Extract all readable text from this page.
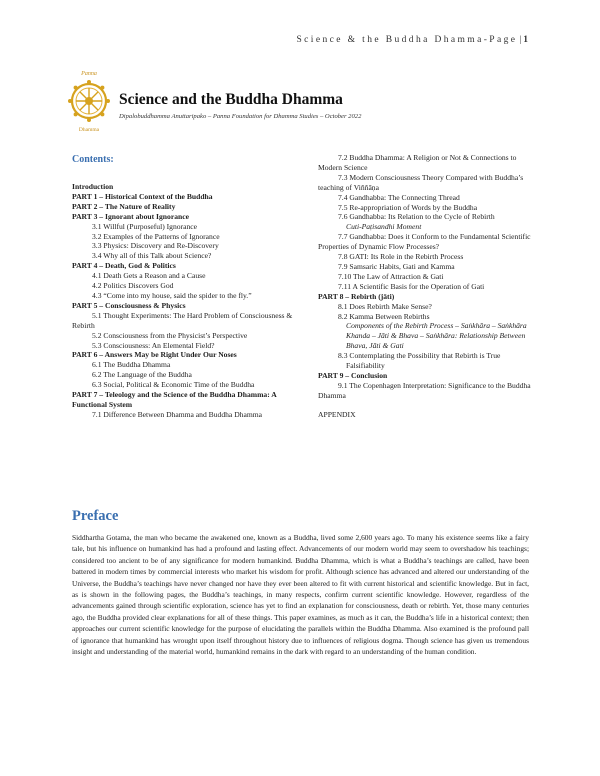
Science & the Buddha Dhamma-Page | 1
Panna
Dhamma
Science and the Buddha Dhamma
Dipalobuddhamma Anuttaripako – Panna Foundation for Dhamma Studies – October 2022
Contents:

Introduction

PART 1 – Historical Context of the Buddha

PART 2 – The Nature of Reality

PART 3 – Ignorant about Ignorance

3.1 Willful (Purposeful) Ignorance

3.2 Examples of the Patterns of Ignorance

3.3 Physics: Discovery and Re-Discovery

3.4 Why all of this Talk about Science?

PART 4 – Death, God & Politics

4.1 Death Gets a Reason and a Cause

4.2 Politics Discovers God

4.3 “Come into my house, said the spider to the fly.”

PART 5 – Consciousness & Physics

5.1 Thought Experiments: The Hard Problem of Consciousness & Rebirth

5.2 Consciousness from the Physicist’s Perspective

5.3 Consciousness: An Elemental Field?

PART 6 – Answers May be Right Under Our Noses

6.1 The Buddha Dhamma

6.2 The Language of the Buddha

6.3 Social, Political & Economic Time of the Buddha

PART 7 – Teleology and the Science of the Buddha Dhamma: A Functional System

7.1 Difference Between Dhamma and Buddha Dhamma

7.2 Buddha Dhamma: A Religion or Not & Connections to Modern Science

7.3 Modern Consciousness Theory Compared with Buddha’s teaching of Viññāṇa

7.4 Gandhabba: The Connecting Thread

7.5 Re-appropriation of Words by the Buddha

7.6 Gandhabba: Its Relation to the Cycle of Rebirth

Cuti-Paṭisandhi Moment

7.7 Gandhabba: Does it Conform to the Fundamental Scientific Properties of Dynamic Flow Processes?

7.8 GATI: Its Role in the Rebirth Process

7.9 Samsaric Habits, Gati and Kamma

7.10 The Law of Attraction & Gati

7.11 A Scientific Basis for the Operation of Gati

PART 8 – Rebirth (jāti)

8.1 Does Rebirth Make Sense?

8.2 Kamma Between Rebirths

Components of the Rebirth Process – Saṅkhāra – Saṅkhāra Khanda – Jāti & Bhava – Saṅkhāra: Relationship Between Bhava, Jāti & Gati

8.3 Contemplating the Possibility that Rebirth is True

Falsifiability

PART 9 – Conclusion

9.1 The Copenhagen Interpretation: Significance to the Buddha Dhamma

APPENDIX

Preface
Siddhartha Gotama, the man who became the awakened one, known as a Buddha, lived some 2,600 years ago. To many his existence seems like a fairy tale, but his influence on humankind has had a profound and lasting effect. Advancements of our modern world may seem to overshadow his teachings; considered too ancient to be of any significance for modern humankind. Buddha Dhamma, which is what a Buddha’s teachings are called, have been battered in modern times by commercial interests who market his wisdom for profit. Although science has advanced and altered our understanding of the Universe, the Buddha’s teachings have never changed nor have they ever been altered to fit with current historical and scientific knowledge. But in fact, as is shown in the following pages, the Buddha’s teachings, in many respects, confirm current scientific knowledge. However, regardless of the advancements gained through scientific exploration, science has yet to find an explanation for consciousness, death or rebirth. Yet, those many centuries ago, the Buddha provided clear explanations for all of these things. This paper examines, as much as it can, the Buddha’s life in a historical context; then approaches our current scientific knowledge for the purpose of elucidating the parallels within the Buddha Dhamma. Also examined is the profound pall of ignorance that humankind has wrought upon itself throughout history due to influences of religious dogma. Though science has given us tremendous insight and understanding of the material world, humankind remains in the dark with regard to an understanding of the human condition.
